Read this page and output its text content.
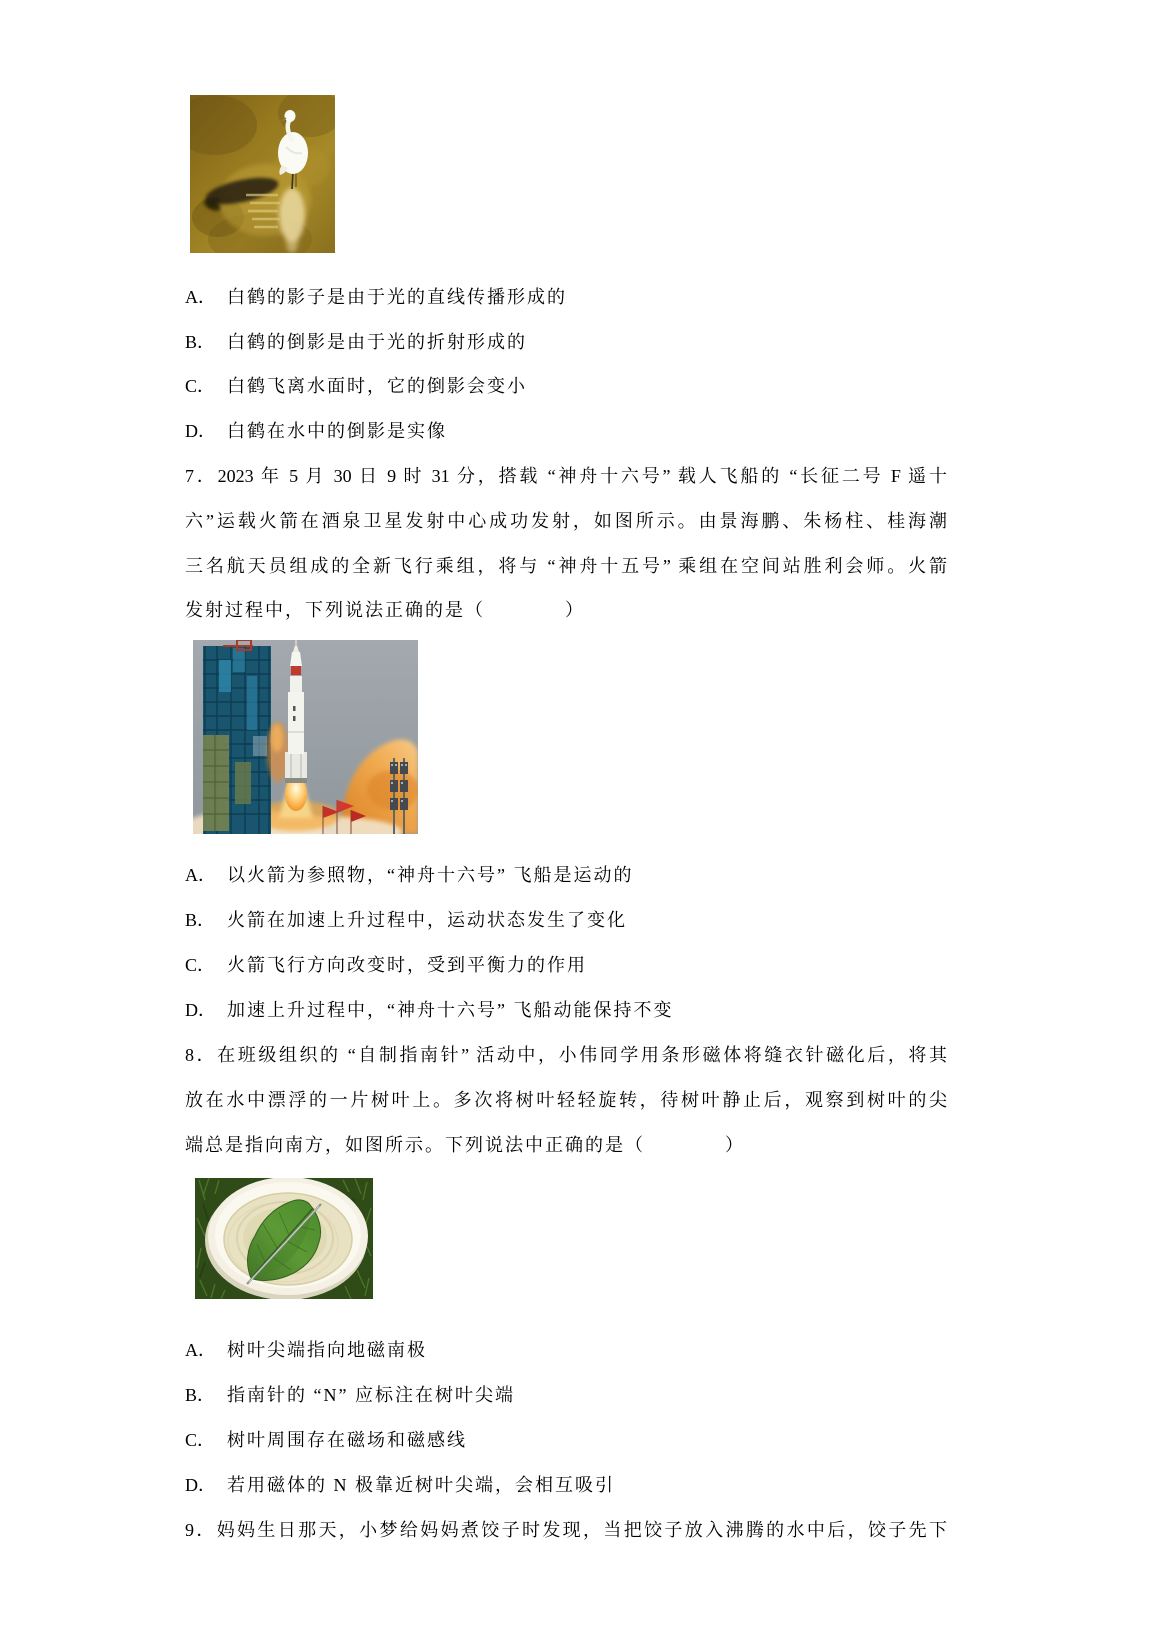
A． 白鹤的影子是由于光的直线传播形成的
B． 白鹤的倒影是由于光的折射形成的
C． 白鹤飞离水面时，它的倒影会变小
D． 白鹤在水中的倒影是实像
7．2023 年 5 月 30 日 9 时 31 分，搭载 “神舟十六号” 载人飞船的 “长征二号 F 遥十
六”运载火箭在酒泉卫星发射中心成功发射，如图所示。由景海鹏、朱杨柱、桂海潮
三名航天员组成的全新飞行乘组，将与 “神舟十五号” 乘组在空间站胜利会师。火箭
发射过程中，下列说法正确的是（　　　　）
A． 以火箭为参照物，“神舟十六号” 飞船是运动的
B． 火箭在加速上升过程中，运动状态发生了变化
C． 火箭飞行方向改变时，受到平衡力的作用
D． 加速上升过程中，“神舟十六号” 飞船动能保持不变
8．在班级组织的 “自制指南针” 活动中，小伟同学用条形磁体将缝衣针磁化后，将其
放在水中漂浮的一片树叶上。多次将树叶轻轻旋转，待树叶静止后，观察到树叶的尖
端总是指向南方，如图所示。下列说法中正确的是（　　　　）
A． 树叶尖端指向地磁南极
B． 指南针的 “N” 应标注在树叶尖端
C． 树叶周围存在磁场和磁感线
D． 若用磁体的 N 极靠近树叶尖端，会相互吸引
9．妈妈生日那天，小梦给妈妈煮饺子时发现，当把饺子放入沸腾的水中后，饺子先下
